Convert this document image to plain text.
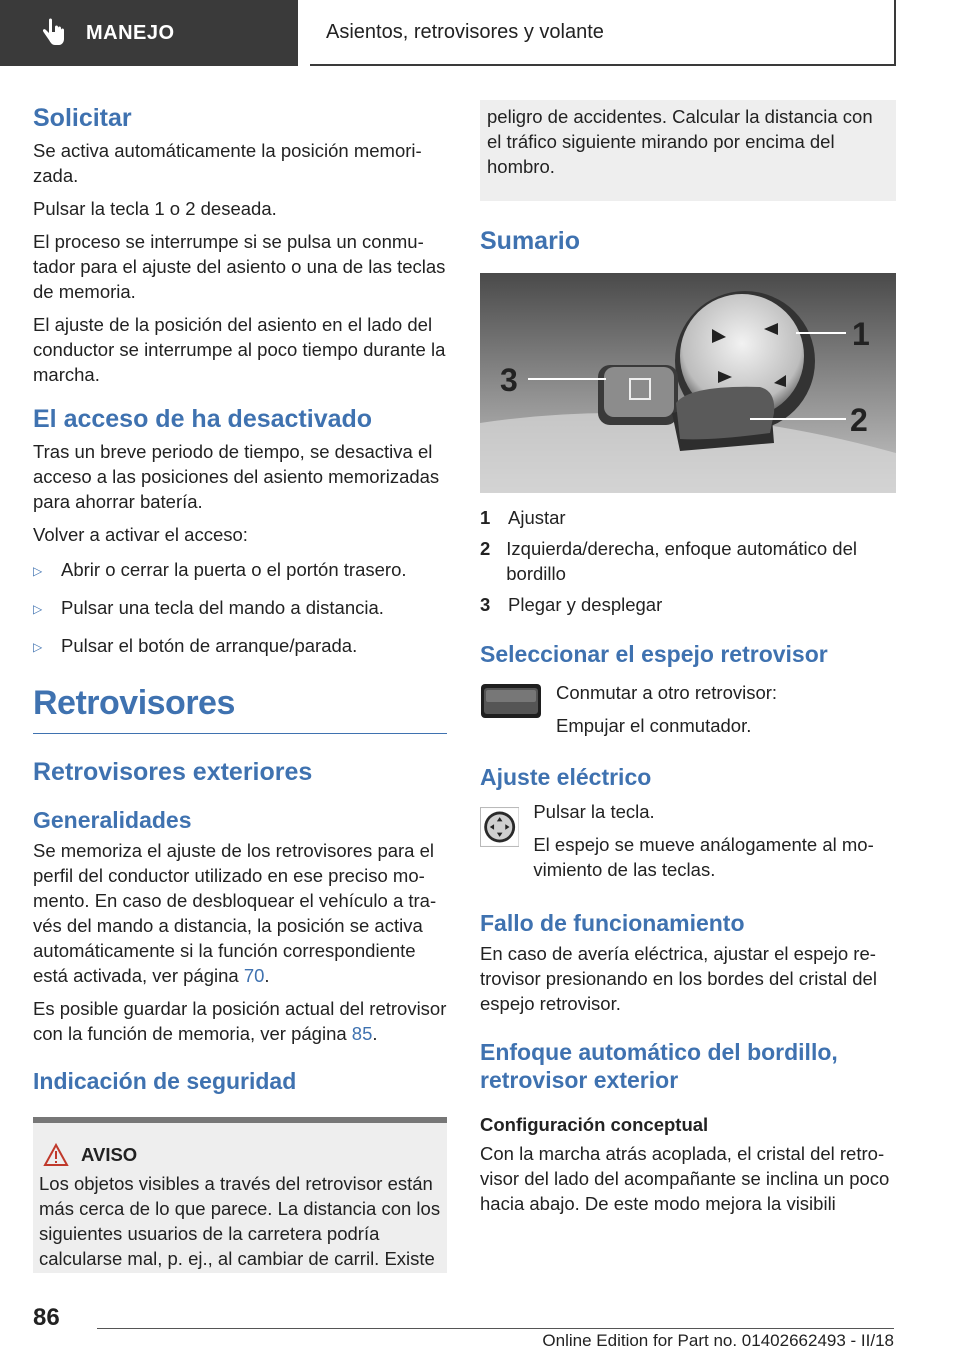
MANEJO	Asientos, retrovisores y volante
Solicitar

Se activa automáticamente la posición memorizada.

Pulsar la tecla 1 o 2 deseada.

El proceso se interrumpe si se pulsa un conmutador para el ajuste del asiento o una de las teclas de memoria.

El ajuste de la posición del asiento en el lado del conductor se interrumpe al poco tiempo durante la marcha.

El acceso de ha desactivado

Tras un breve periodo de tiempo, se desactiva el acceso a las posiciones del asiento memorizadas para ahorrar batería.

Volver a activar el acceso:

▷	Abrir o cerrar la puerta o el portón trasero.
▷	Pulsar una tecla del mando a distancia.
▷	Pulsar el botón de arranque/parada.
Retrovisores
Retrovisores exteriores
Generalidades

Se memoriza el ajuste de los retrovisores para el perfil del conductor utilizado en ese preciso momento. En caso de desbloquear el vehículo a través del mando a distancia, la posición se activa automáticamente si la función correspondiente está activada, ver página 70.

Es posible guardar la posición actual del retrovisor con la función de memoria, ver página 85.

Indicación de seguridad
AVISO

Los objetos visibles a través del retrovisor están más cerca de lo que parece. La distancia con los siguientes usuarios de la carretera podría calcularse mal, p. ej., al cambiar de carril. Existe

peligro de accidentes. Calcular la distancia con el tráfico siguiente mirando por encima del hombro.

Sumario
1
2
3
1 Ajustar
2 Izquierda/derecha, enfoque automático del bordillo
3 Plegar y desplegar
Seleccionar el espejo retrovisor

Conmutar a otro retrovisor:

Empujar el conmutador.

Ajuste eléctrico

Pulsar la tecla.

El espejo se mueve análogamente al movimiento de las teclas.

Fallo de funcionamiento

En caso de avería eléctrica, ajustar el espejo retrovisor presionando en los bordes del cristal del espejo retrovisor.

Enfoque automático del bordillo, retrovisor exterior

Configuración conceptual

Con la marcha atrás acoplada, el cristal del retrovisor del lado del acompañante se inclina un poco hacia abajo. De este modo mejora la visibili

86
Online Edition for Part no. 01402662493 - II/18
